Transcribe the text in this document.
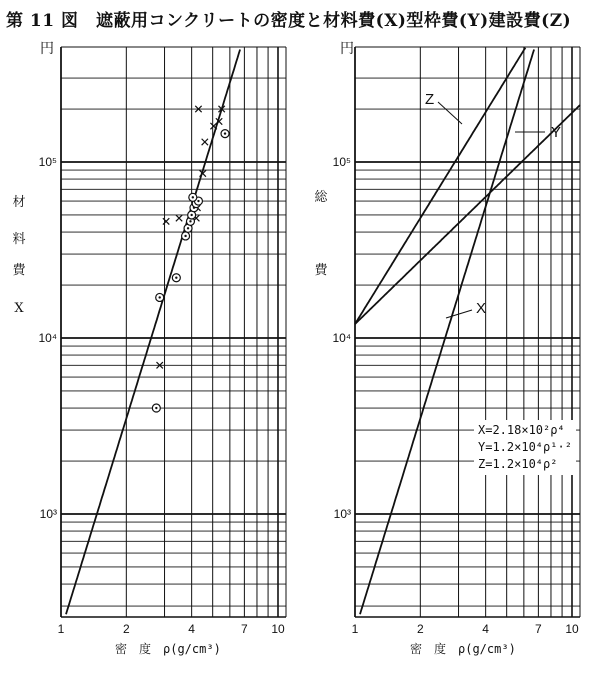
第 11 図　遮蔽用コンクリートの密度と材料費(X)型枠費(Y)建設費(Z)
1	2	4	7 10
10³
10⁴
10⁵
1	2	4	7 10
10³
10⁴
10⁵
Z
Y
X
円
材
料
費
X
密　度　ρ(g/cm³)
円
総
費
密　度　ρ(g/cm³)
X=2.18×10²ρ⁴
Y=1.2×10⁴ρ¹·²
Z=1.2×10⁴ρ²
